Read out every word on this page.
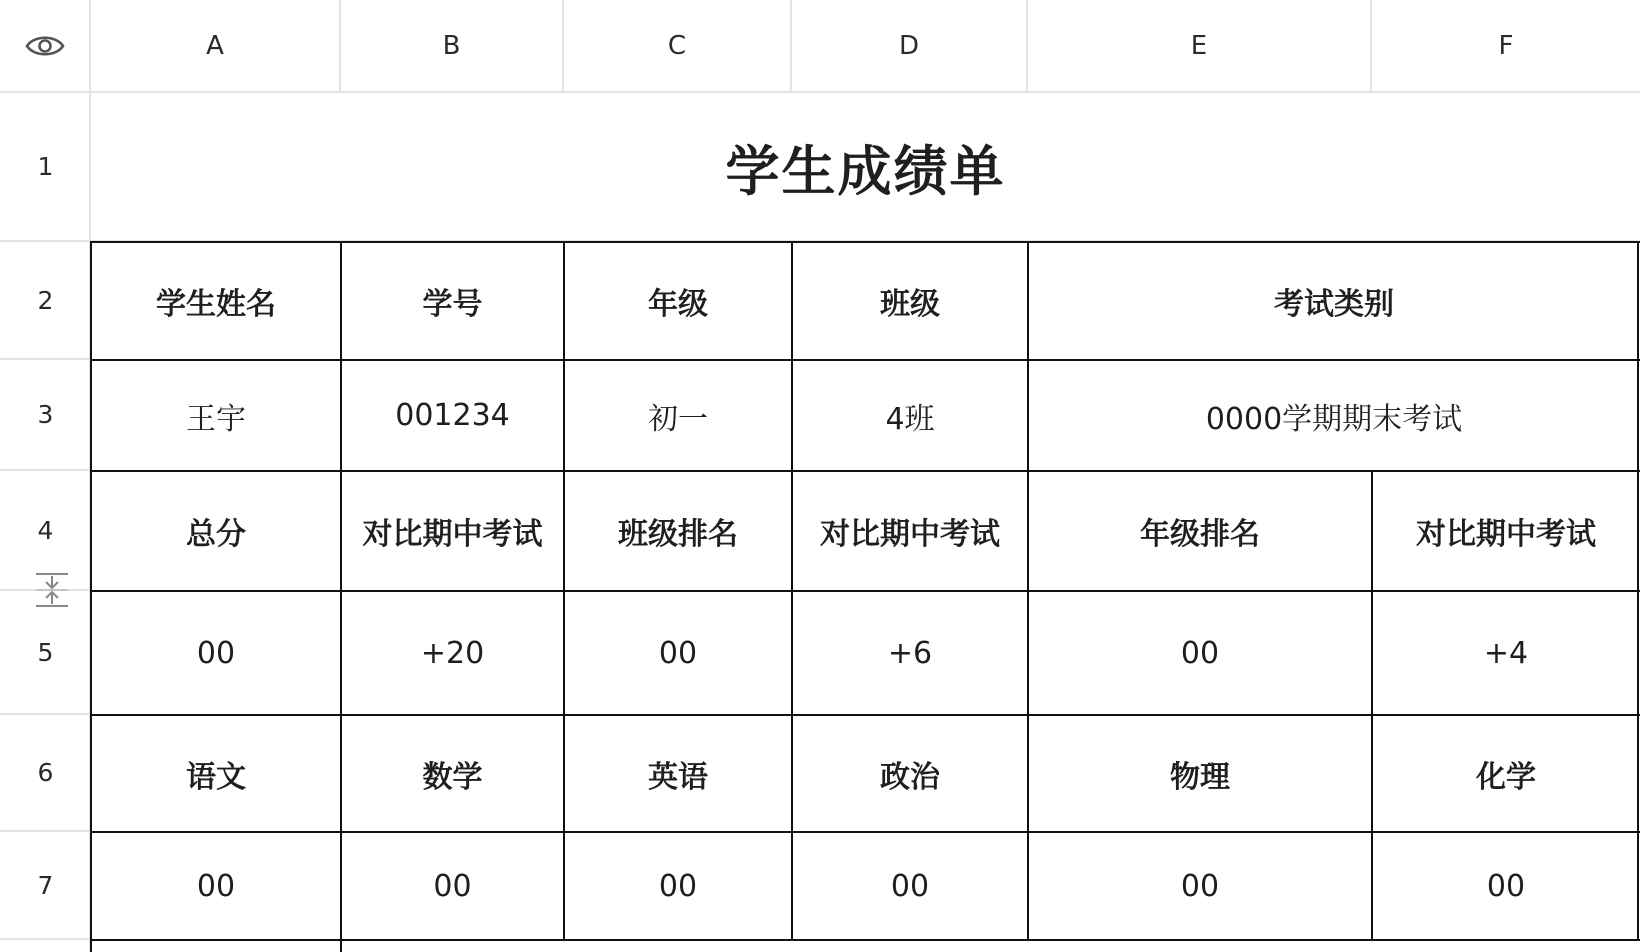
A	B	C	D	E	F
1
2
3
4
5
6
7
学生成绩单
学生姓名	学号	年级	班级	考试类别
王宇	001234	初一	4班	0000学期期末考试
总分	对比期中考试	班级排名	对比期中考试	年级排名	对比期中考试
00	+20	00	+6	00	+4
语文	数学	英语	政治	物理	化学
00	00	00	00	00	00
